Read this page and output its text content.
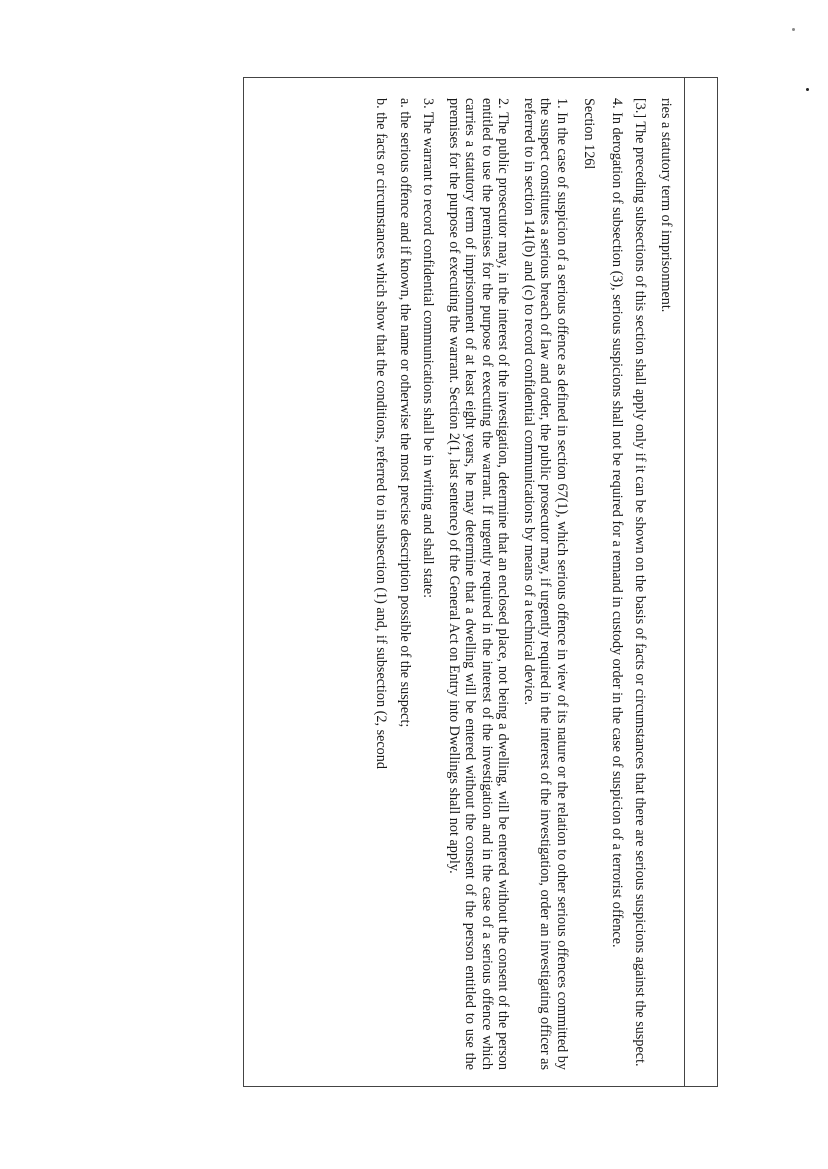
ries a statutory term of imprisonment.

[3.] The preceding subsections of this section shall apply only if it can be shown on the basis of facts or circumstances that there are serious suspicions against the suspect.

4. In derogation of subsection (3), serious suspicions shall not be required for a remand in custody order in the case of suspicion of a terrorist offence.

Section 126l

1. In the case of suspicion of a serious offence as defined in section 67(1), which serious offence in view of its nature or the relation to other serious offences committed by the suspect constitutes a serious breach of law and order, the public prosecutor may, if urgently required in the interest of the investigation, order an investigating officer as referred to in section 141(b) and (c) to record confidential communications by means of a technical device.

2. The public prosecutor may, in the interest of the investigation, determine that an enclosed place, not being a dwelling, will be entered without the consent of the person entitled to use the premises for the purpose of executing the warrant. If urgently required in the interest of the investigation and in the case of a serious offence which carries a statutory term of imprisonment of at least eight years, he may determine that a dwelling will be entered without the consent of the person entitled to use the premises for the purpose of executing the warrant. Section 2(1, last sentence) of the General Act on Entry into Dwellings shall not apply.

3. The warrant to record confidential communications shall be in writing and shall state:

a. the serious offence and if known, the name or otherwise the most precise description possible of the suspect;

b. the facts or circumstances which show that the conditions, referred to in subsection (1) and, if subsection (2, second
